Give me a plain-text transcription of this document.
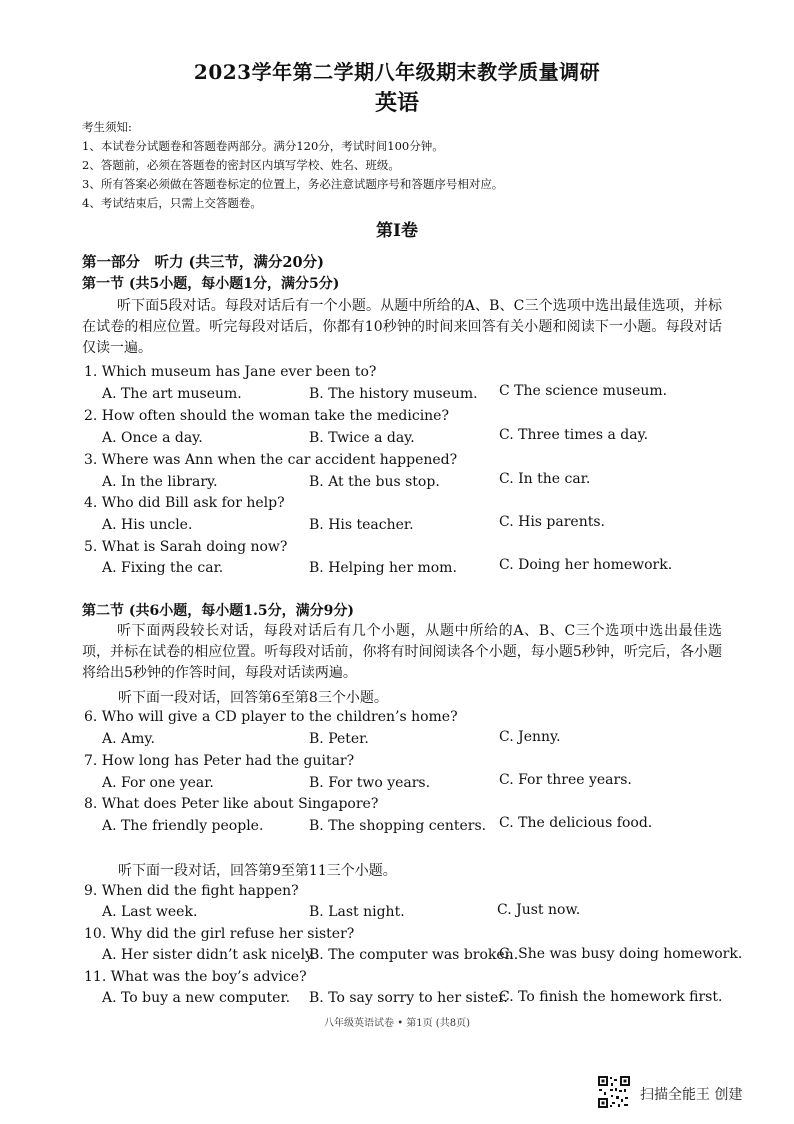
2023学年第二学期八年级期末教学质量调研
英语
考生须知:
1、本试卷分试题卷和答题卷两部分。满分120分，考试时间100分钟。
2、答题前，必须在答题卷的密封区内填写学校、姓名、班级。
3、所有答案必须做在答题卷标定的位置上，务必注意试题序号和答题序号相对应。
4、考试结束后，只需上交答题卷。
第I卷
第一部分　听力 (共三节，满分20分)
第一节 (共5小题，每小题1分，满分5分)
听下面5段对话。每段对话后有一个小题。从题中所给的A、B、C三个选项中选出最佳选项，并标在试卷的相应位置。听完每段对话后，你都有10秒钟的时间来回答有关小题和阅读下一小题。每段对话仅读一遍。
1. Which museum has Jane ever been to?
A. The art museum.	B. The history museum. C The science museum.
2. How often should the woman take the medicine?
A. Once a day.	B. Twice a day.	C. Three times a day.
3. Where was Ann when the car accident happened?
A. In the library.	B. At the bus stop.	C. In the car.
4. Who did Bill ask for help?
A. His uncle.	B. His teacher.	C. His parents.
5. What is Sarah doing now?
A. Fixing the car.	B. Helping her mom.	C. Doing her homework.
第二节 (共6小题，每小题1.5分，满分9分)
听下面两段较长对话，每段对话后有几个小题，从题中所给的A、B、C三个选项中选出最佳选项，并标在试卷的相应位置。听每段对话前，你将有时间阅读各个小题，每小题5秒钟，听完后，各小题将给出5秒钟的作答时间，每段对话读两遍。
听下面一段对话，回答第6至第8三个小题。
6. Who will give a CD player to the children’s home?
A. Amy.	B. Peter.	C. Jenny.
7. How long has Peter had the guitar?
A. For one year.	B. For two years.	C. For three years.
8. What does Peter like about Singapore?
A. The friendly people.	B. The shopping centers. C. The delicious food.
听下面一段对话，回答第9至第11三个小题。
9. When did the fight happen?
A. Last week.	B. Last night.	C. Just now.
10. Why did the girl refuse her sister?
A. Her sister didn’t ask nicely.
B. The computer was broken.
C. She was busy doing homework.
11. What was the boy’s advice?
A. To buy a new computer. B. To say sorry to her sister.
C. To finish the homework first.
八年级英语试卷 • 第1页 (共8页)
扫描全能王 创建
